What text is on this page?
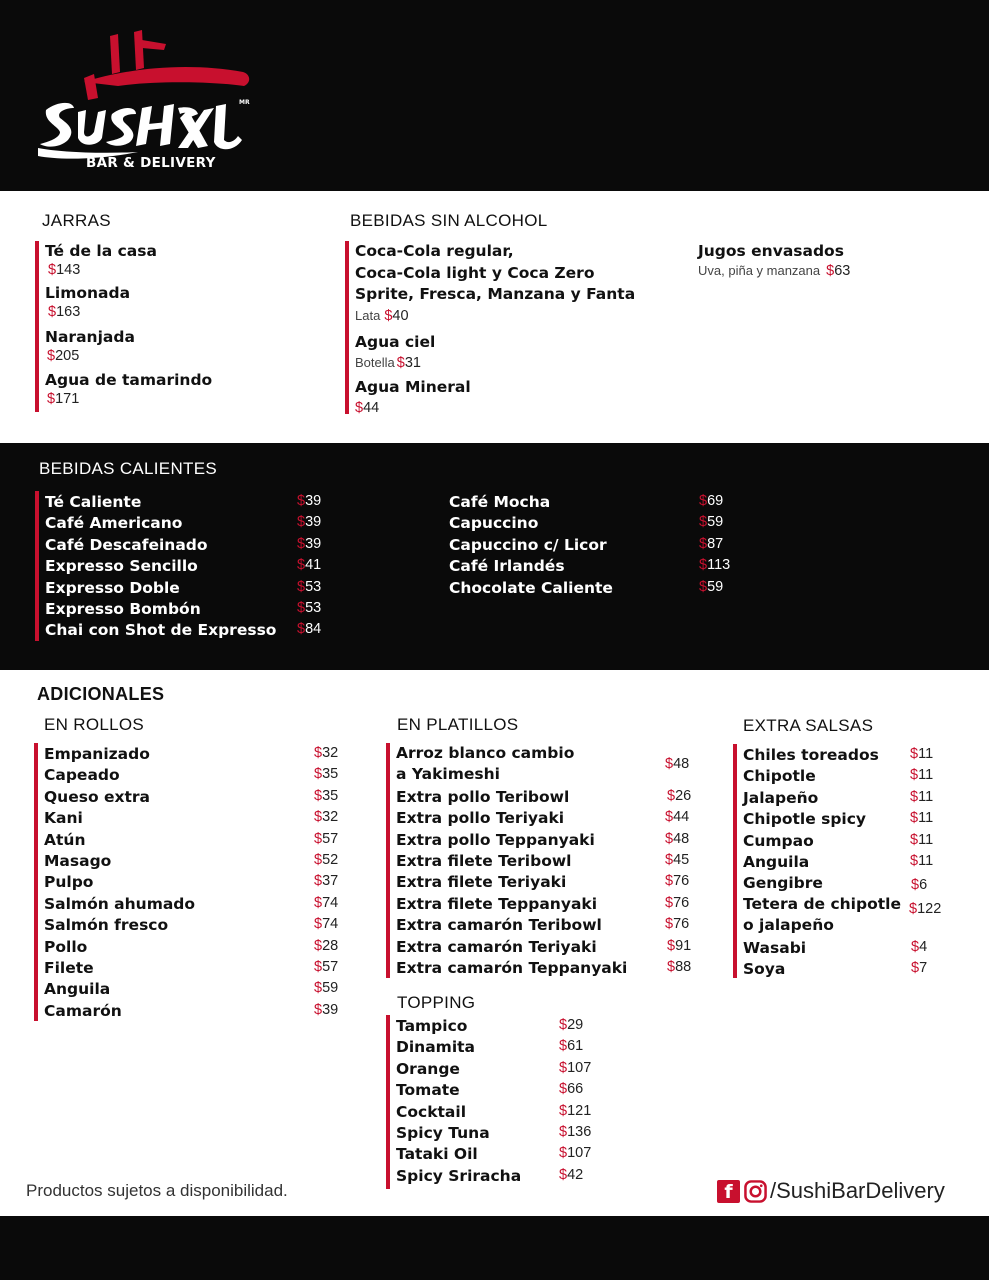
MR
BAR & DELIVERY
JARRAS
Té de la casa
$143
Limonada
$163
Naranjada
$205
Agua de tamarindo
$171
BEBIDAS SIN ALCOHOL
Coca-Cola regular,
Coca-Cola light y Coca Zero
Sprite, Fresca, Manzana y Fanta
Lata $40
Agua ciel
Botella $31
Agua Mineral
$44
Jugos envasados
Uva, piña y manzana $63
BEBIDAS CALIENTES
Té Caliente	$39
Café Americano	$39
Café Descafeinado	$39
Expresso Sencillo	$41
Expresso Doble	$53
Expresso Bombón	$53
Chai con Shot de Expresso $84
Café Mocha	$69
Capuccino	$59
Capuccino c/ Licor	$87
Café Irlandés	$113
Chocolate Caliente	$59
ADICIONALES
EN ROLLOS
Empanizado	$32
Capeado	$35
Queso extra	$35
Kani	$32
Atún	$57
Masago	$52
Pulpo	$37
Salmón ahumado	$74
Salmón fresco	$74
Pollo	$28
Filete	$57
Anguila	$59
Camarón	$39
EN PLATILLOS
Arroz blanco cambio
a Yakimeshi
$48
Extra pollo Teribowl	$26
Extra pollo Teriyaki	$44
Extra pollo Teppanyaki	$48
Extra filete Teribowl	$45
Extra filete Teriyaki	$76
Extra filete Teppanyaki	$76
Extra camarón Teribowl	$76
Extra camarón Teriyaki	$91
Extra camarón Teppanyaki	$88
TOPPING
Tampico	$29
Dinamita	$61
Orange	$107
Tomate	$66
Cocktail	$121
Spicy Tuna	$136
Tataki Oil	$107
Spicy Sriracha	$42
EXTRA SALSAS
Chiles toreados $11
Chipotle	$11
Jalapeño	$11
Chipotle spicy	$11
Cumpao	$11
Anguila	$11
Gengibre	$6
Tetera de chipotle
o jalapeño
$122
Wasabi	$4
Soya	$7
Productos sujetos a disponibilidad.	f	/SushiBarDelivery
